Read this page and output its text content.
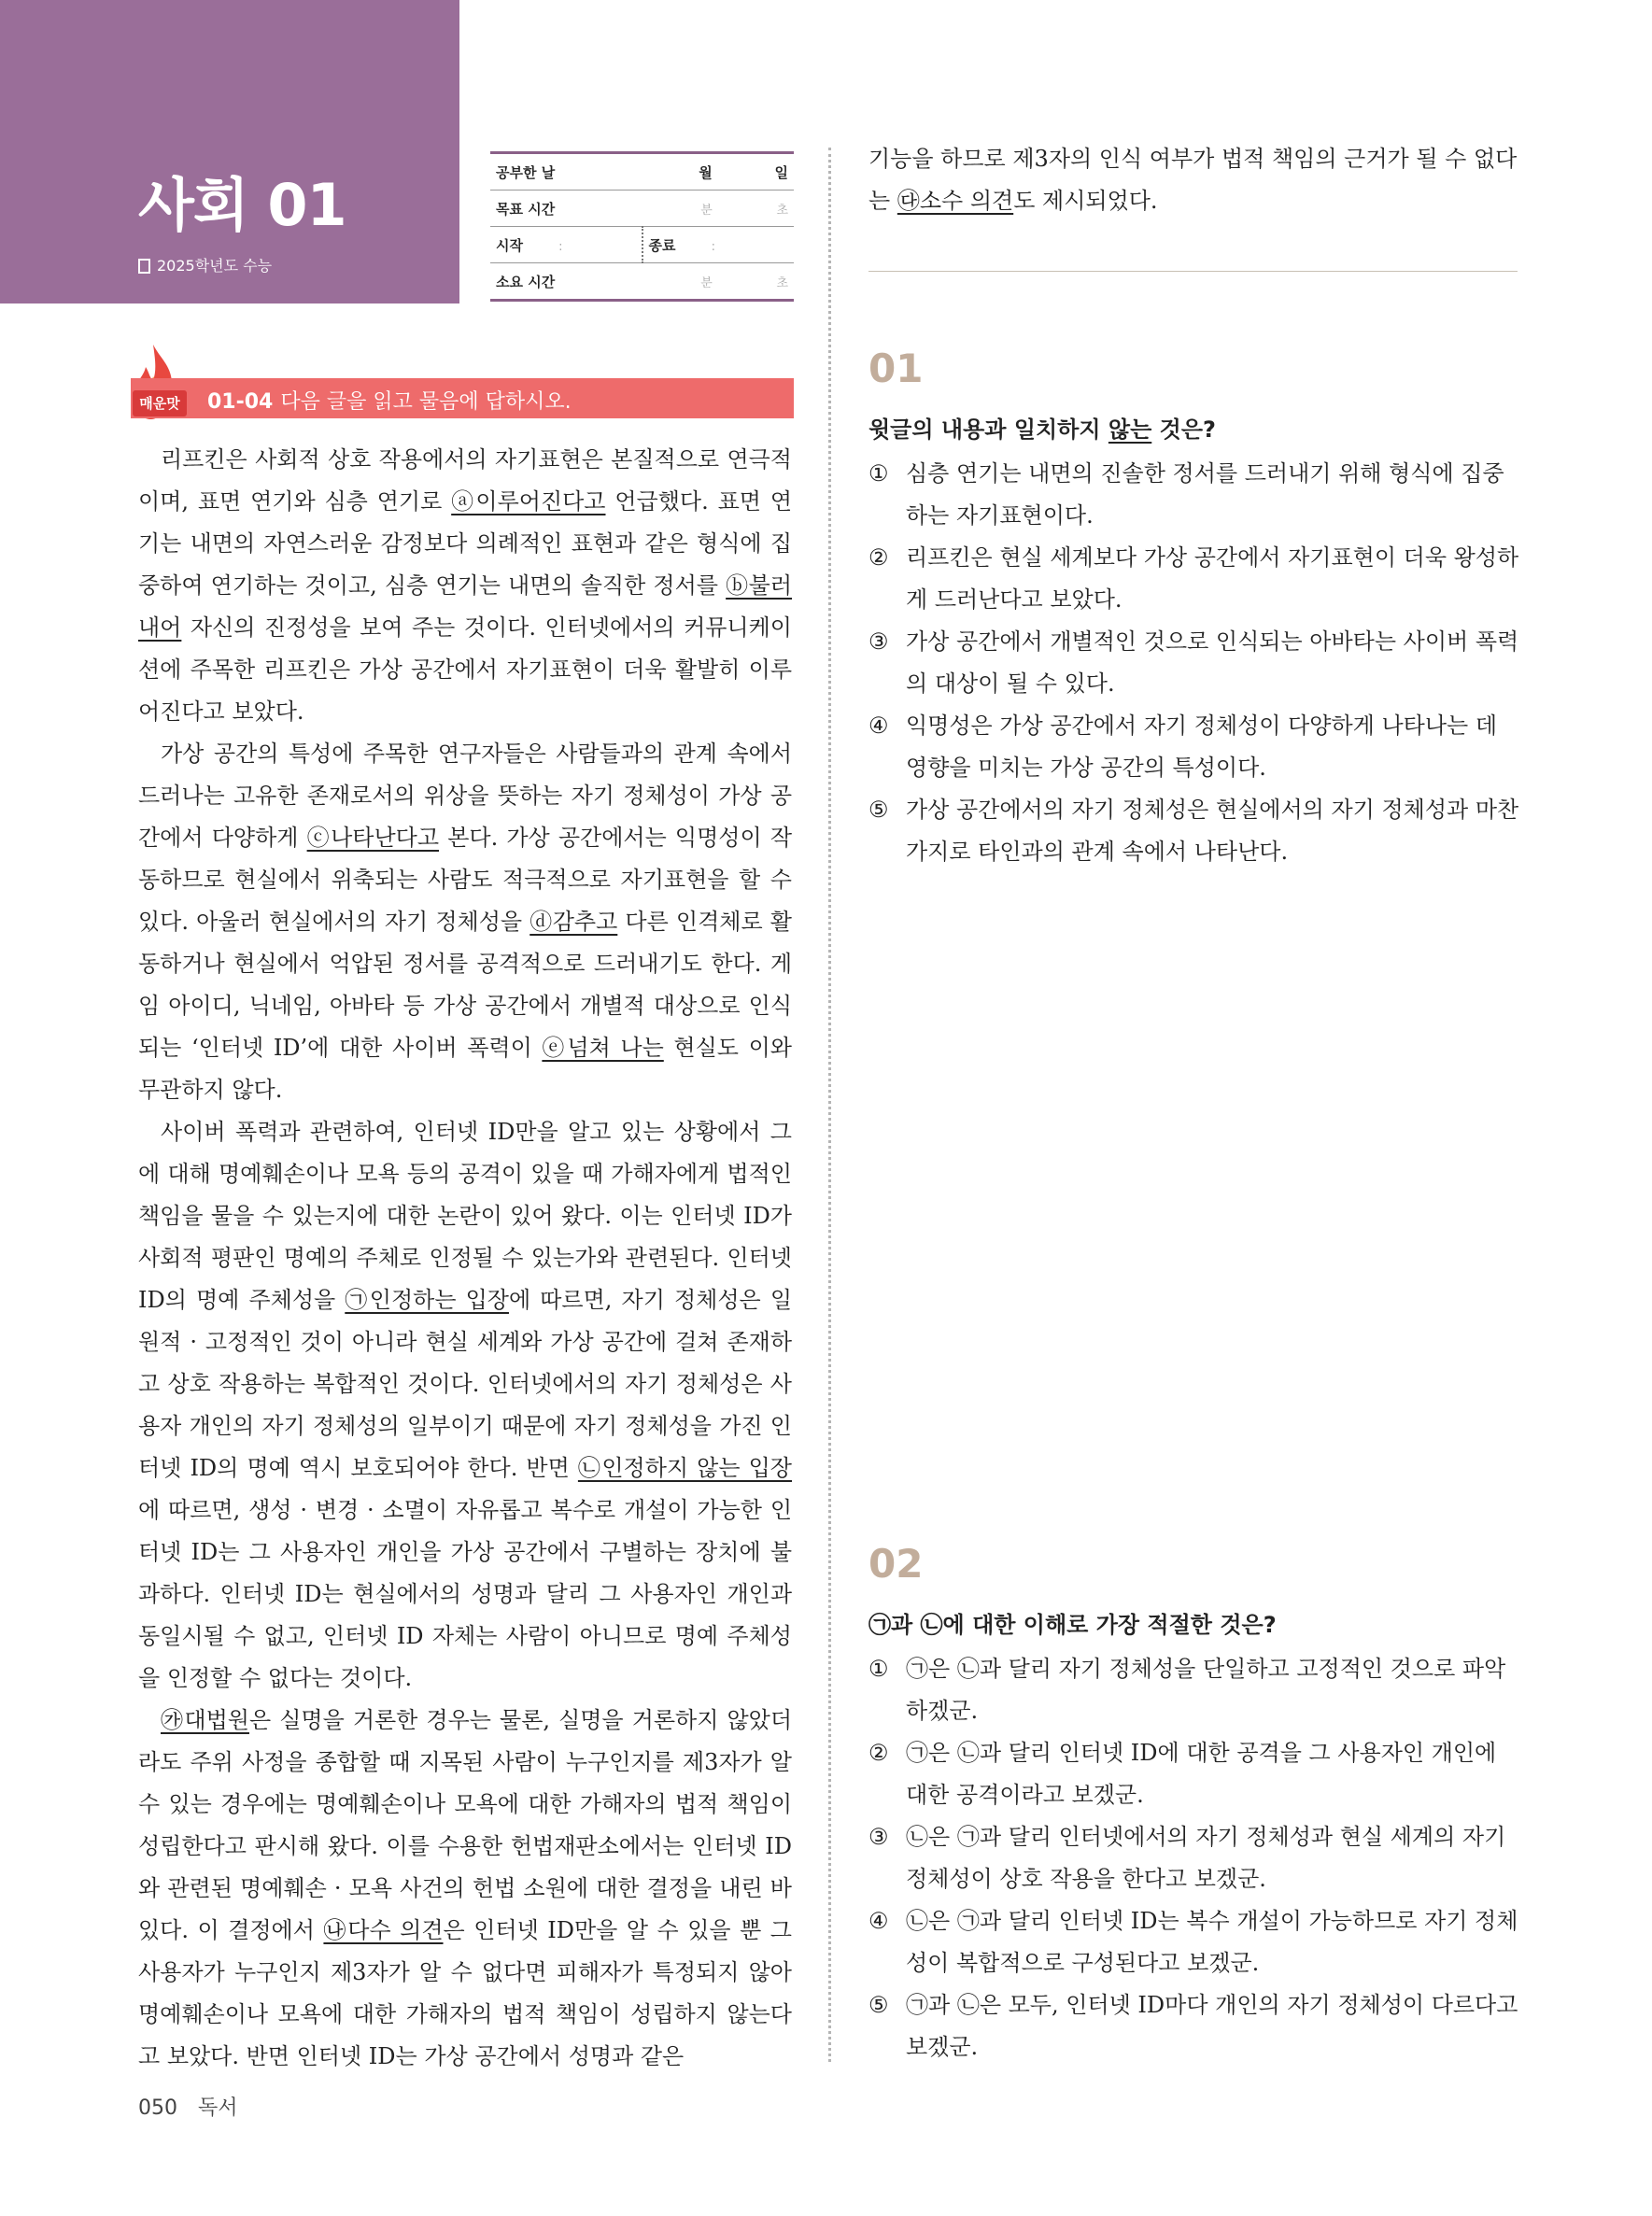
사회 01
2025학년도 수능
공부한 날	월	일
목표 시간	분	초
시작 :	종료 :	
소요 시간	분	초
01-04 다음 글을 읽고 물음에 답하시오.
매운맛

리프킨은 사회적 상호 작용에서의 자기표현은 본질적으로 연극적이며, 표면 연기와 심층 연기로 ⓐ이루어진다고 언급했다. 표면 연기는 내면의 자연스러운 감정보다 의례적인 표현과 같은 형식에 집중하여 연기하는 것이고, 심층 연기는 내면의 솔직한 정서를 ⓑ불러내어 자신의 진정성을 보여 주는 것이다. 인터넷에서의 커뮤니케이션에 주목한 리프킨은 가상 공간에서 자기표현이 더욱 활발히 이루어진다고 보았다.

가상 공간의 특성에 주목한 연구자들은 사람들과의 관계 속에서 드러나는 고유한 존재로서의 위상을 뜻하는 자기 정체성이 가상 공간에서 다양하게 ⓒ나타난다고 본다. 가상 공간에서는 익명성이 작동하므로 현실에서 위축되는 사람도 적극적으로 자기표현을 할 수 있다. 아울러 현실에서의 자기 정체성을 ⓓ감추고 다른 인격체로 활동하거나 현실에서 억압된 정서를 공격적으로 드러내기도 한다. 게임 아이디, 닉네임, 아바타 등 가상 공간에서 개별적 대상으로 인식되는 ‘인터넷 ID’에 대한 사이버 폭력이 ⓔ넘쳐 나는 현실도 이와 무관하지 않다.

사이버 폭력과 관련하여, 인터넷 ID만을 알고 있는 상황에서 그에 대해 명예훼손이나 모욕 등의 공격이 있을 때 가해자에게 법적인 책임을 물을 수 있는지에 대한 논란이 있어 왔다. 이는 인터넷 ID가 사회적 평판인 명예의 주체로 인정될 수 있는가와 관련된다. 인터넷 ID의 명예 주체성을 ㉠인정하는 입장에 따르면, 자기 정체성은 일원적 · 고정적인 것이 아니라 현실 세계와 가상 공간에 걸쳐 존재하고 상호 작용하는 복합적인 것이다. 인터넷에서의 자기 정체성은 사용자 개인의 자기 정체성의 일부이기 때문에 자기 정체성을 가진 인터넷 ID의 명예 역시 보호되어야 한다. 반면 ㉡인정하지 않는 입장에 따르면, 생성 · 변경 · 소멸이 자유롭고 복수로 개설이 가능한 인터넷 ID는 그 사용자인 개인을 가상 공간에서 구별하는 장치에 불과하다. 인터넷 ID는 현실에서의 성명과 달리 그 사용자인 개인과 동일시될 수 없고, 인터넷 ID 자체는 사람이 아니므로 명예 주체성을 인정할 수 없다는 것이다.

㉮대법원은 실명을 거론한 경우는 물론, 실명을 거론하지 않았더라도 주위 사정을 종합할 때 지목된 사람이 누구인지를 제3자가 알 수 있는 경우에는 명예훼손이나 모욕에 대한 가해자의 법적 책임이 성립한다고 판시해 왔다. 이를 수용한 헌법재판소에서는 인터넷 ID와 관련된 명예훼손 · 모욕 사건의 헌법 소원에 대한 결정을 내린 바 있다. 이 결정에서 ㉯다수 의견은 인터넷 ID만을 알 수 있을 뿐 그 사용자가 누구인지 제3자가 알 수 없다면 피해자가 특정되지 않아 명예훼손이나 모욕에 대한 가해자의 법적 책임이 성립하지 않는다고 보았다. 반면 인터넷 ID는 가상 공간에서 성명과 같은

기능을 하므로 제3자의 인식 여부가 법적 책임의 근거가 될 수 없다는 ㉰소수 의견도 제시되었다.
01
윗글의 내용과 일치하지 않는 것은?
① 심층 연기는 내면의 진솔한 정서를 드러내기 위해 형식에 집중하는 자기표현이다.
② 리프킨은 현실 세계보다 가상 공간에서 자기표현이 더욱 왕성하게 드러난다고 보았다.
③ 가상 공간에서 개별적인 것으로 인식되는 아바타는 사이버 폭력의 대상이 될 수 있다.
④ 익명성은 가상 공간에서 자기 정체성이 다양하게 나타나는 데 영향을 미치는 가상 공간의 특성이다.
⑤ 가상 공간에서의 자기 정체성은 현실에서의 자기 정체성과 마찬가지로 타인과의 관계 속에서 나타난다.
02
㉠과 ㉡에 대한 이해로 가장 적절한 것은?
① ㉠은 ㉡과 달리 자기 정체성을 단일하고 고정적인 것으로 파악하겠군.
② ㉠은 ㉡과 달리 인터넷 ID에 대한 공격을 그 사용자인 개인에 대한 공격이라고 보겠군.
③ ㉡은 ㉠과 달리 인터넷에서의 자기 정체성과 현실 세계의 자기 정체성이 상호 작용을 한다고 보겠군.
④ ㉡은 ㉠과 달리 인터넷 ID는 복수 개설이 가능하므로 자기 정체성이 복합적으로 구성된다고 보겠군.
⑤ ㉠과 ㉡은 모두, 인터넷 ID마다 개인의 자기 정체성이 다르다고 보겠군.
050 독서
